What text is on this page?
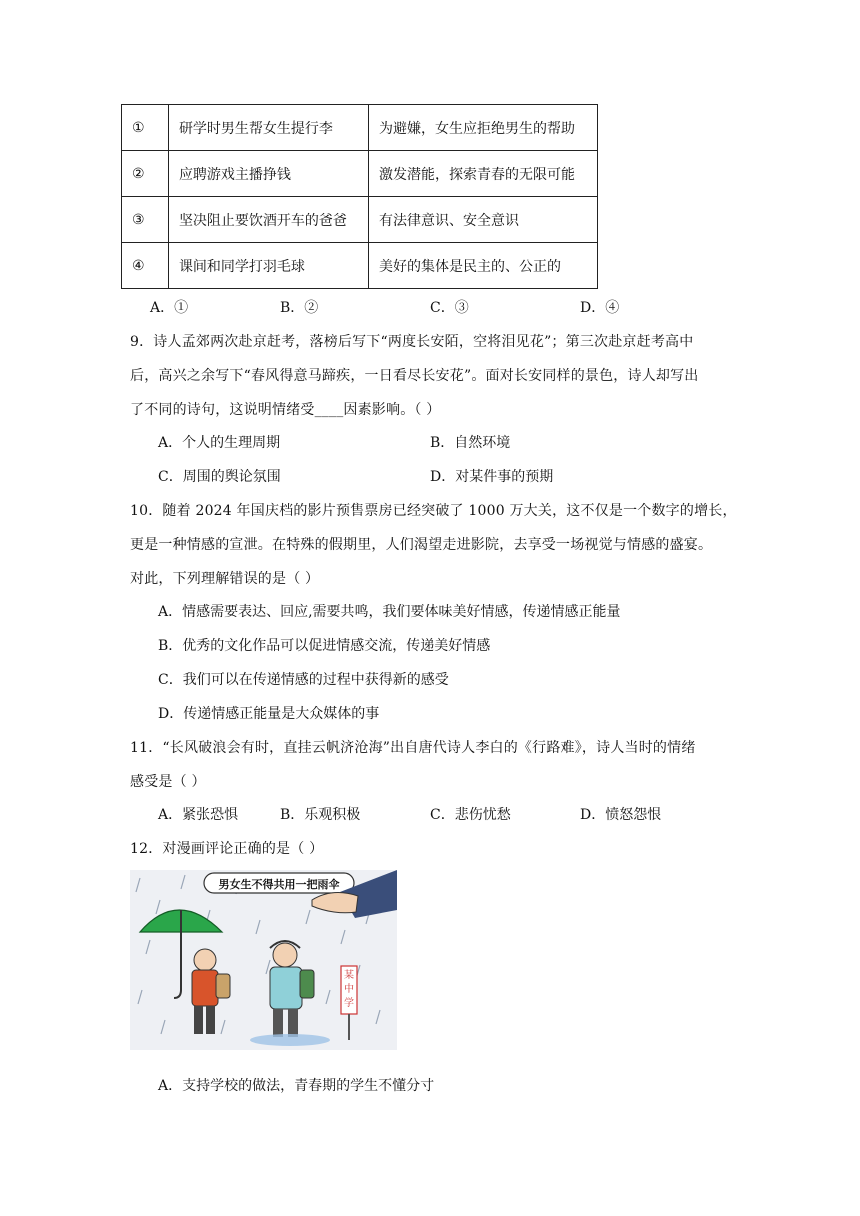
①	研学时男生帮女生提行李	为避嫌，女生应拒绝男生的帮助
②	应聘游戏主播挣钱	激发潜能，探索青春的无限可能
③	坚决阻止要饮酒开车的爸爸	有法律意识、安全意识
④	课间和同学打羽毛球	美好的集体是民主的、公正的
A．①	B．②	C．③	D．④
9．诗人孟郊两次赴京赶考，落榜后写下“两度长安陌，空将泪见花”；第三次赴京赶考高中
后，高兴之余写下“春风得意马蹄疾，一日看尽长安花”。面对长安同样的景色，诗人却写出
了不同的诗句，这说明情绪受____因素影响。（ ）
A．个人的生理周期	B．自然环境
C．周围的舆论氛围	D．对某件事的预期
10．随着 2024 年国庆档的影片预售票房已经突破了 1000 万大关，这不仅是一个数字的增长，
更是一种情感的宣泄。在特殊的假期里，人们渴望走进影院，去享受一场视觉与情感的盛宴。
对此，下列理解错误的是（ ）
A．情感需要表达、回应,需要共鸣，我们要体味美好情感，传递情感正能量
B．优秀的文化作品可以促进情感交流，传递美好情感
C．我们可以在传递情感的过程中获得新的感受
D．传递情感正能量是大众媒体的事
11．“长风破浪会有时，直挂云帆济沧海”出自唐代诗人李白的《行路难》，诗人当时的情绪
感受是（ ）
A．紧张恐惧	B．乐观积极	C．悲伤忧愁	D．愤怒怨恨
12．对漫画评论正确的是（ ）
男女生不得共用一把雨伞
某
中
学
A．支持学校的做法，青春期的学生不懂分寸
